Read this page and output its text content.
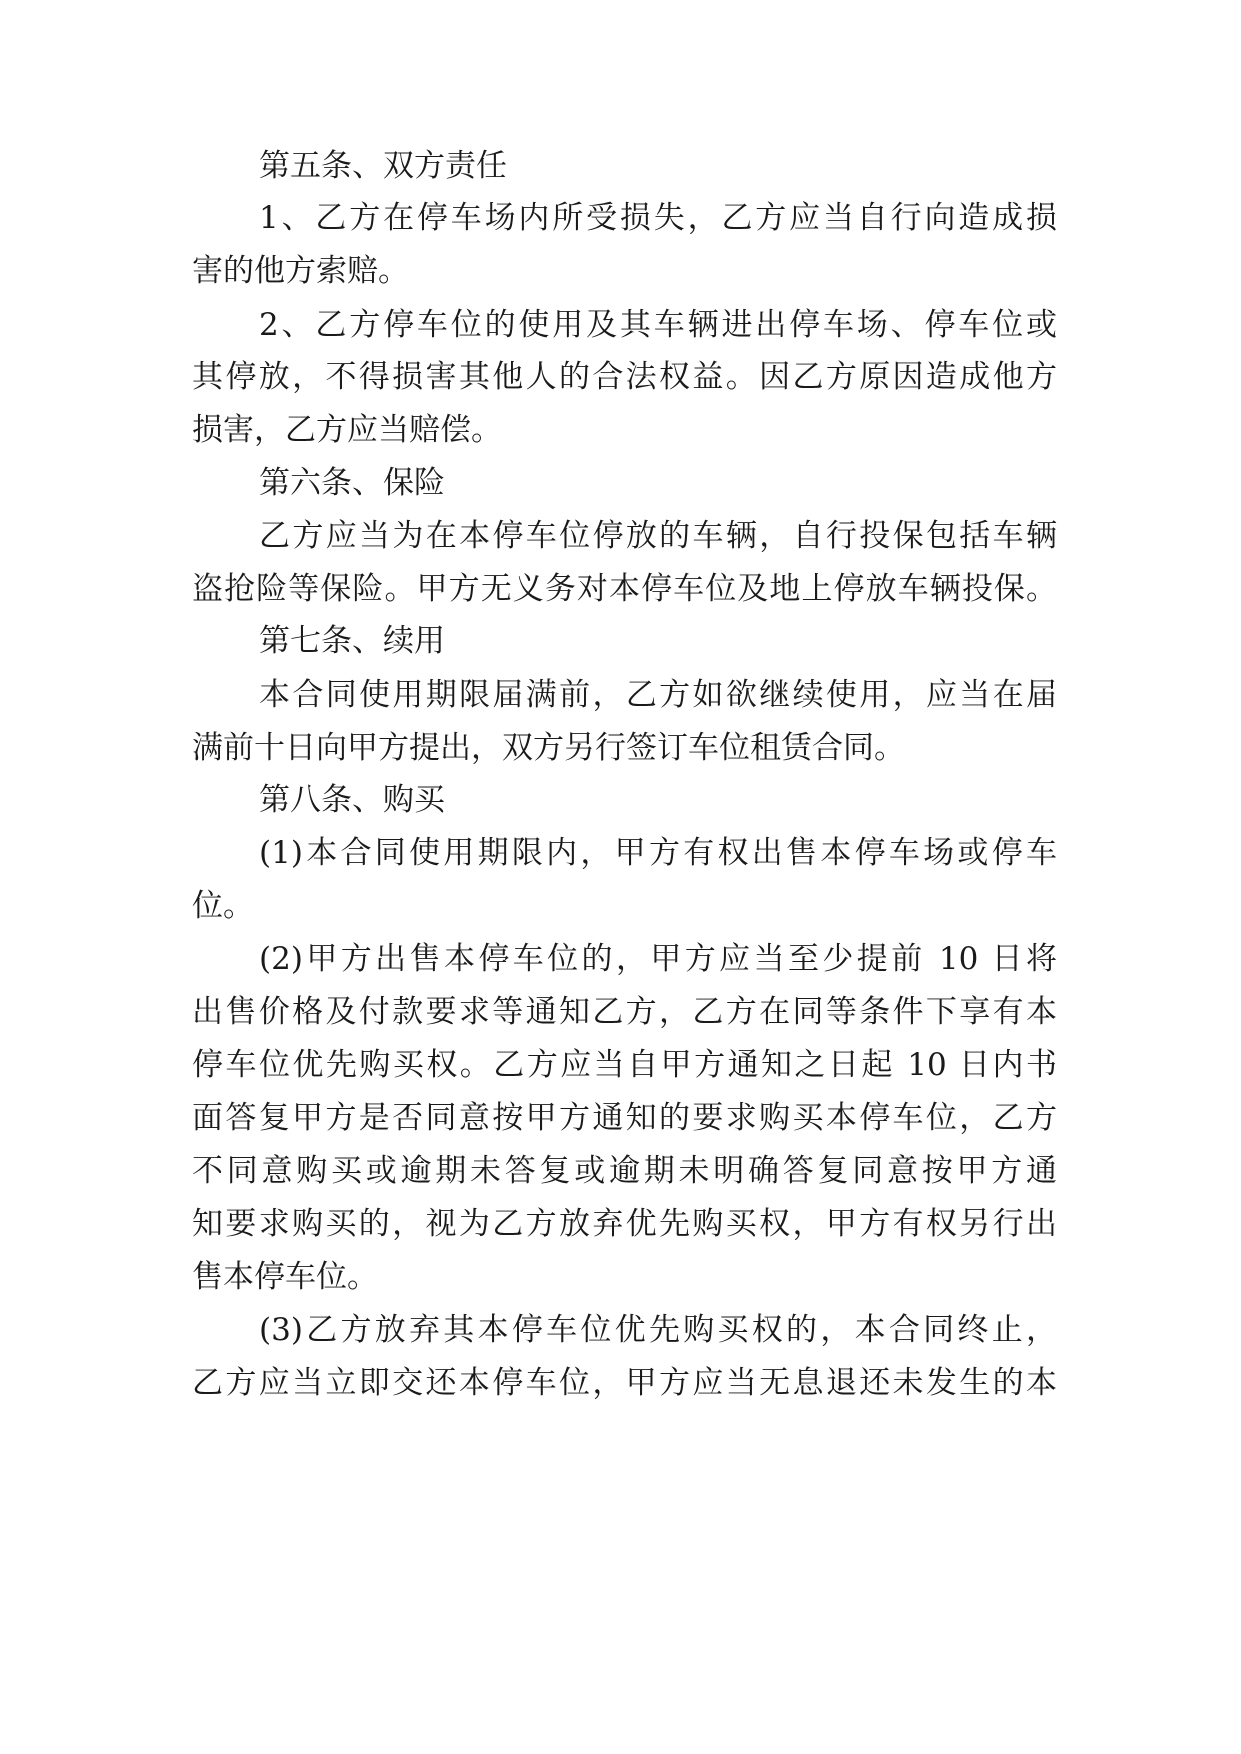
第五条、双方责任
1、乙方在停车场内所受损失，乙方应当自行向造成损
害的他方索赔。
2、乙方停车位的使用及其车辆进出停车场、停车位或
其停放，不得损害其他人的合法权益。因乙方原因造成他方
损害，乙方应当赔偿。
第六条、保险
乙方应当为在本停车位停放的车辆，自行投保包括车辆
盗抢险等保险。甲方无义务对本停车位及地上停放车辆投保。
第七条、续用
本合同使用期限届满前，乙方如欲继续使用，应当在届
满前十日向甲方提出，双方另行签订车位租赁合同。
第八条、购买
(1)本合同使用期限内，甲方有权出售本停车场或停车
位。
(2)甲方出售本停车位的，甲方应当至少提前 10 日将
出售价格及付款要求等通知乙方，乙方在同等条件下享有本
停车位优先购买权。乙方应当自甲方通知之日起 10 日内书
面答复甲方是否同意按甲方通知的要求购买本停车位，乙方
不同意购买或逾期未答复或逾期未明确答复同意按甲方通
知要求购买的，视为乙方放弃优先购买权，甲方有权另行出
售本停车位。
(3)乙方放弃其本停车位优先购买权的，本合同终止，
乙方应当立即交还本停车位，甲方应当无息退还未发生的本
